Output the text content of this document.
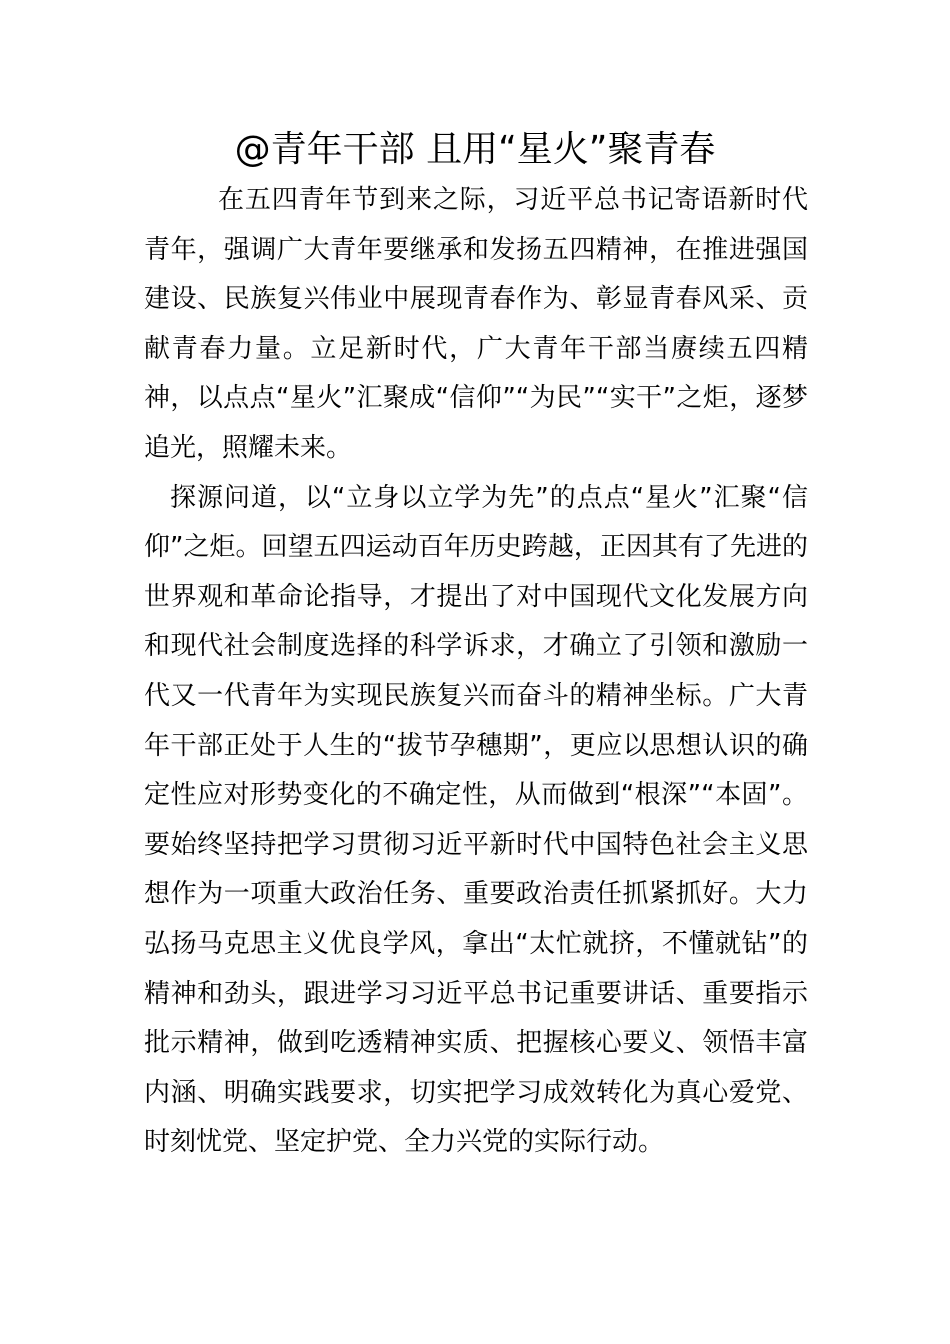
@青年干部 且用“星火”聚青春

在五四青年节到来之际，习近平总书记寄语新时代青年，强调广大青年要继承和发扬五四精神，在推进强国建设、民族复兴伟业中展现青春作为、彰显青春风采、贡献青春力量。立足新时代，广大青年干部当赓续五四精神，以点点“星火”汇聚成“信仰”“为民”“实干”之炬，逐梦追光，照耀未来。

探源问道，以“立身以立学为先”的点点“星火”汇聚“信仰”之炬。回望五四运动百年历史跨越，正因其有了先进的世界观和革命论指导，才提出了对中国现代文化发展方向和现代社会制度选择的科学诉求，才确立了引领和激励一代又一代青年为实现民族复兴而奋斗的精神坐标。广大青年干部正处于人生的“拔节孕穗期”，更应以思想认识的确定性应对形势变化的不确定性，从而做到“根深”“本固”。要始终坚持把学习贯彻习近平新时代中国特色社会主义思想作为一项重大政治任务、重要政治责任抓紧抓好。大力弘扬马克思主义优良学风，拿出“太忙就挤，不懂就钻”的精神和劲头，跟进学习习近平总书记重要讲话、重要指示批示精神，做到吃透精神实质、把握核心要义、领悟丰富内涵、明确实践要求，切实把学习成效转化为真心爱党、时刻忧党、坚定护党、全力兴党的实际行动。
